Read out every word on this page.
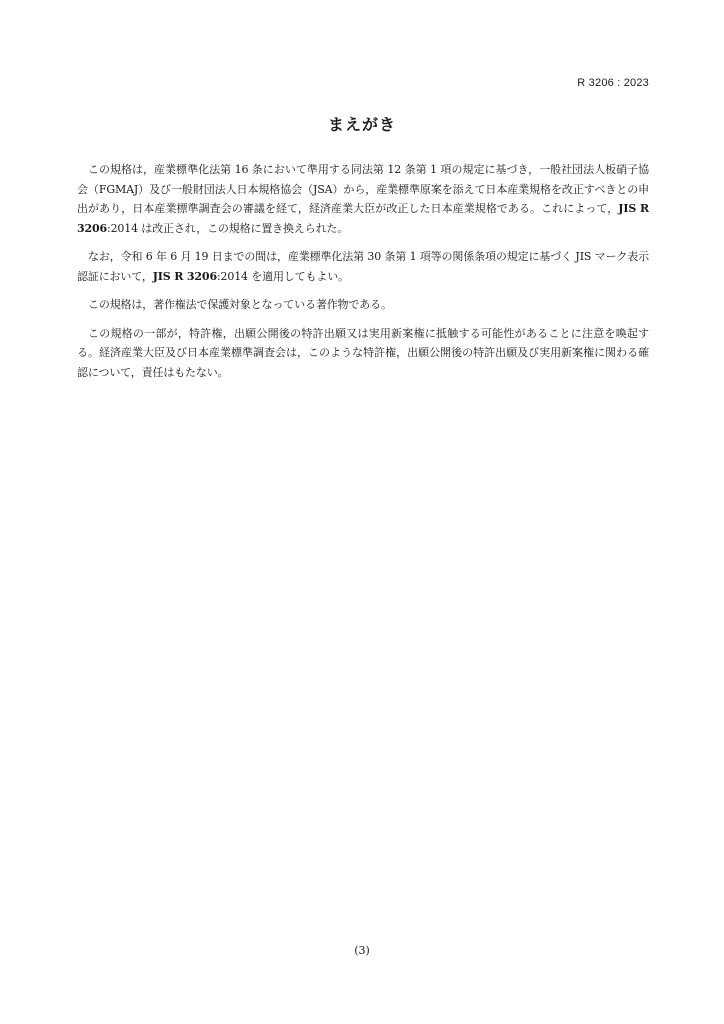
R 3206 : 2023
まえがき

この規格は，産業標準化法第 16 条において準用する同法第 12 条第 1 項の規定に基づき，一般社団法人板硝子協会（FGMAJ）及び一般財団法人日本規格協会（JSA）から，産業標準原案を添えて日本産業規格を改正すべきとの申出があり，日本産業標準調査会の審議を経て，経済産業大臣が改正した日本産業規格である。これによって，JIS R 3206:2014 は改正され，この規格に置き換えられた。

なお，令和 6 年 6 月 19 日までの間は，産業標準化法第 30 条第 1 項等の関係条項の規定に基づく JIS マーク表示認証において，JIS R 3206:2014 を適用してもよい。

この規格は，著作権法で保護対象となっている著作物である。

この規格の一部が，特許権，出願公開後の特許出願又は実用新案権に抵触する可能性があることに注意を喚起する。経済産業大臣及び日本産業標準調査会は，このような特許権，出願公開後の特許出願及び実用新案権に関わる確認について，責任はもたない。

(3)
